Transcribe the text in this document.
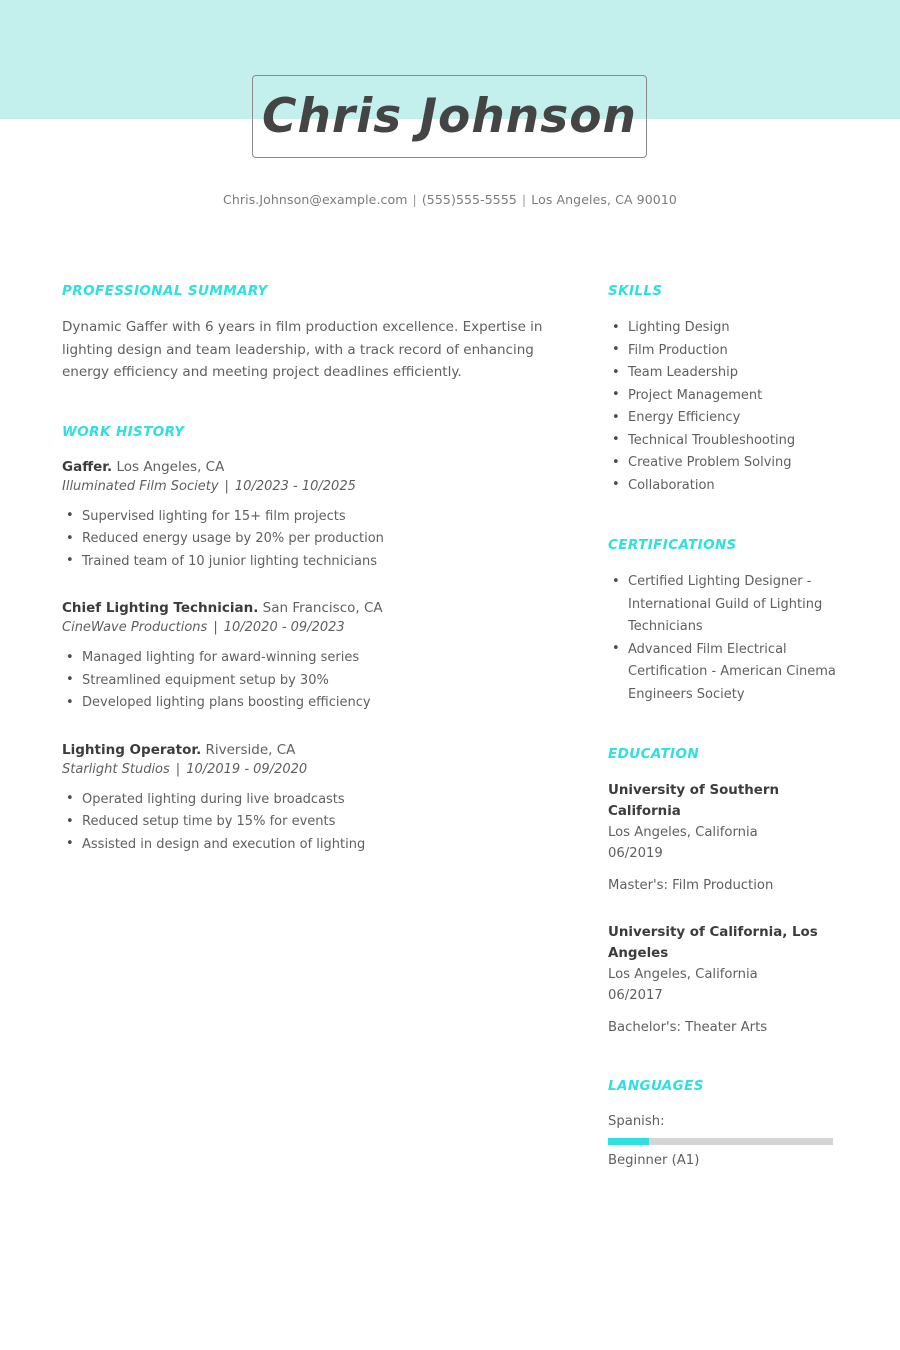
Chris Johnson
Chris.Johnson@example.com | (555)555-5555 | Los Angeles, CA 90010
PROFESSIONAL SUMMARY

Dynamic Gaffer with 6 years in film production excellence. Expertise in lighting design and team leadership, with a track record of enhancing energy efficiency and meeting project deadlines efficiently.

WORK HISTORY
Gaffer. Los Angeles, CA
Illuminated Film Society | 10/2023 - 10/2025
• Supervised lighting for 15+ film projects
• Reduced energy usage by 20% per production
• Trained team of 10 junior lighting technicians
Chief Lighting Technician. San Francisco, CA
CineWave Productions | 10/2020 - 09/2023
• Managed lighting for award-winning series
• Streamlined equipment setup by 30%
• Developed lighting plans boosting efficiency
Lighting Operator. Riverside, CA
Starlight Studios | 10/2019 - 09/2020
• Operated lighting during live broadcasts
• Reduced setup time by 15% for events
• Assisted in design and execution of lighting
SKILLS
• Lighting Design
• Film Production
• Team Leadership
• Project Management
• Energy Efficiency
• Technical Troubleshooting
• Creative Problem Solving
• Collaboration
CERTIFICATIONS
• Certified Lighting Designer - International Guild of Lighting Technicians
• Advanced Film Electrical Certification - American Cinema Engineers Society
EDUCATION
University of Southern California
Los Angeles, California
06/2019
Master's: Film Production
University of California, Los Angeles
Los Angeles, California
06/2017
Bachelor's: Theater Arts
LANGUAGES
Spanish:
Beginner (A1)
